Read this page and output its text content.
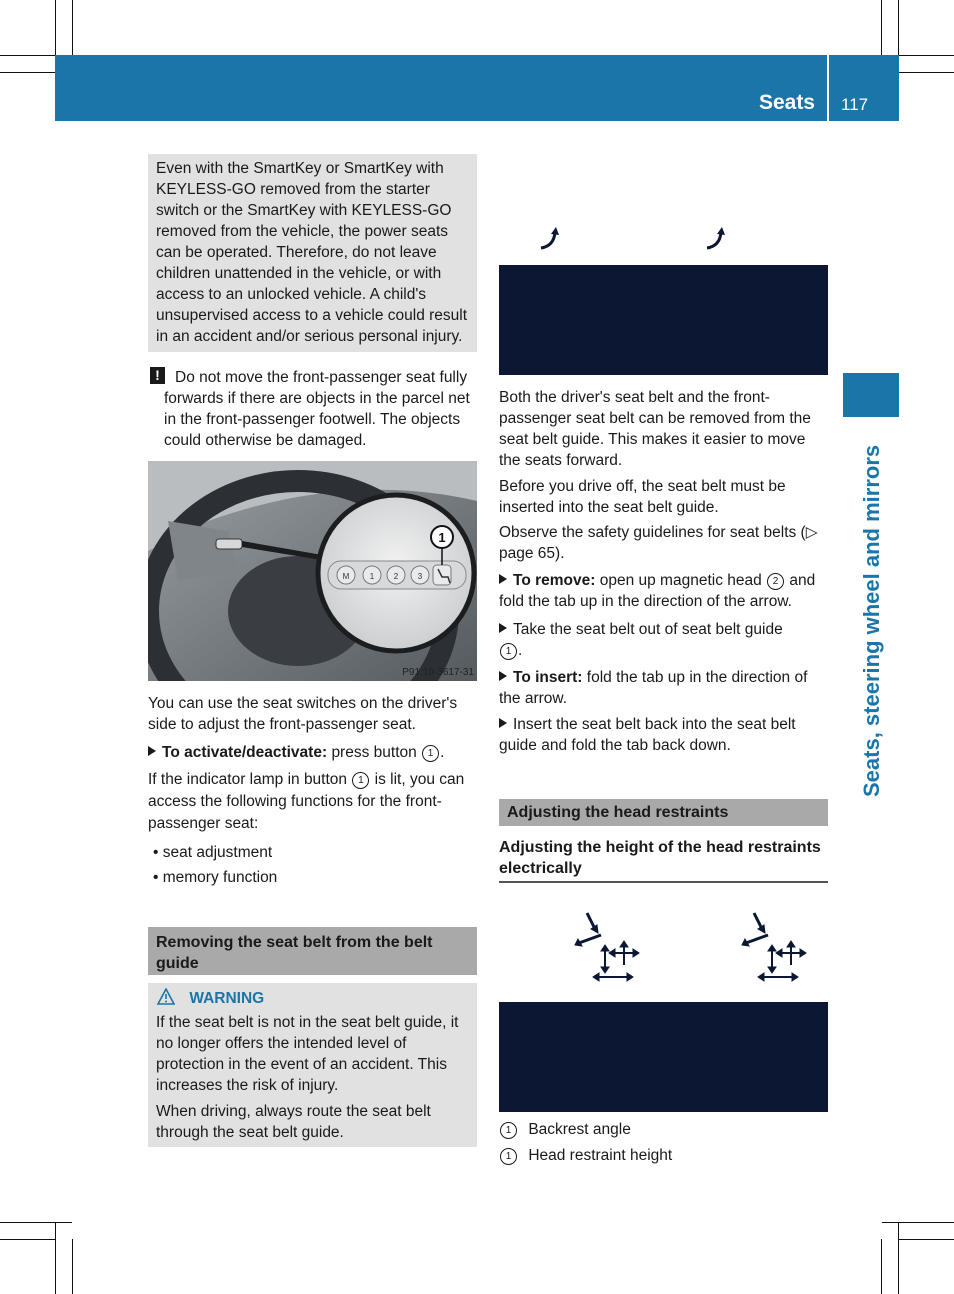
Seats 117
Seats, steering wheel and mirrors

Even with the SmartKey or SmartKey with KEYLESS-GO removed from the starter switch or the SmartKey with KEYLESS-GO removed from the vehicle, the power seats can be operated. Therefore, do not leave children unattended in the vehicle, or with access to an unlocked vehicle. A child's unsupervised access to a vehicle could result in an accident and/or serious personal injury.

! Do not move the front-passenger seat fully forwards if there are objects in the parcel net in the front-passenger footwell. The objects could otherwise be damaged.

M	1 2 3
1
P91.10-3617-31

You can use the seat switches on the driver's side to adjust the front-passenger seat.

To activate/deactivate: press button 1 .
If the indicator lamp in button 1 is lit, you can access the following functions for the front-passenger seat:
• seat adjustment
• memory function
Removing the seat belt from the belt guide
WARNING

If the seat belt is not in the seat belt guide, it no longer offers the intended level of protection in the event of an accident. This increases the risk of injury.

When driving, always route the seat belt through the seat belt guide.

Both the driver's seat belt and the front-passenger seat belt can be removed from the seat belt guide. This makes it easier to move the seats forward.

Before you drive off, the seat belt must be inserted into the seat belt guide.

Observe the safety guidelines for seat belts (▷ page 65).

To remove: open up magnetic head 2 and fold the tab up in the direction of the arrow.
Take the seat belt out of seat belt guide 1 .
To insert: fold the tab up in the direction of the arrow.
Insert the seat belt back into the seat belt guide and fold the tab back down.
Adjusting the head restraints
Adjusting the height of the head restraints electrically
1 Backrest angle
1 Head restraint height
